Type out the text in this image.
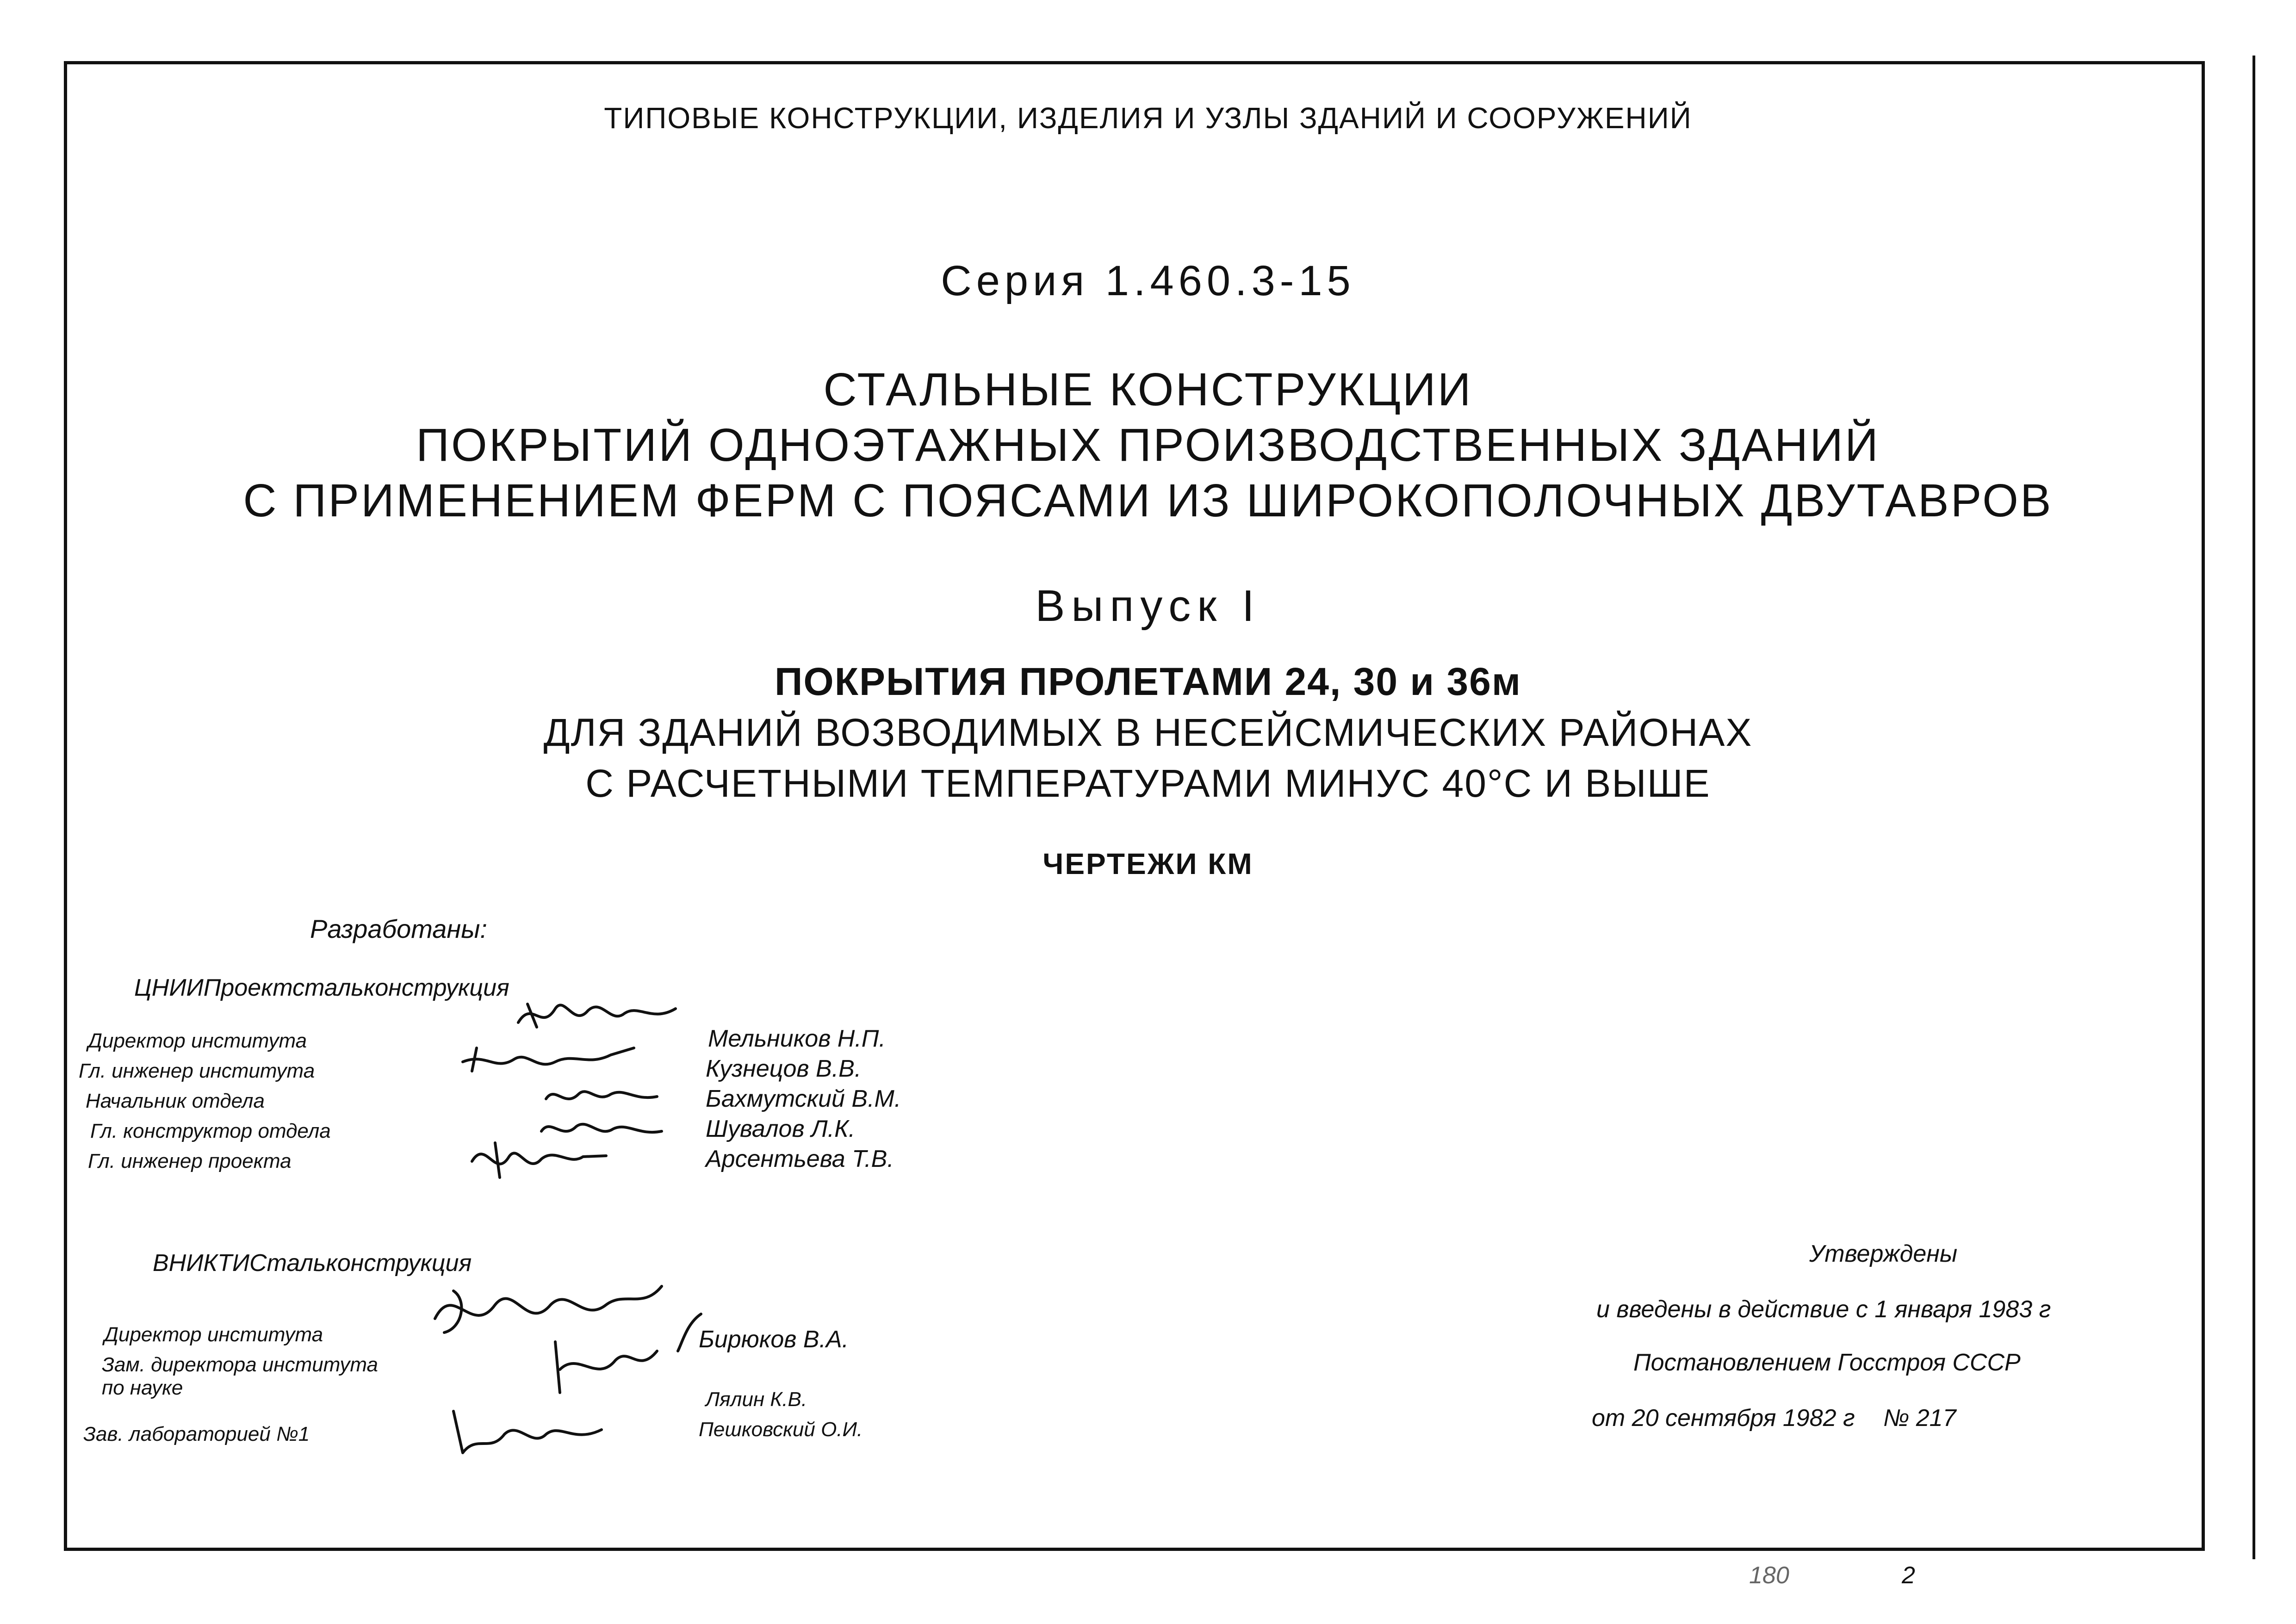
ТИПОВЫЕ КОНСТРУКЦИИ, ИЗДЕЛИЯ И УЗЛЫ ЗДАНИЙ И СООРУЖЕНИЙ
Серия 1.460.3-15
СТАЛЬНЫЕ КОНСТРУКЦИИ
ПОКРЫТИЙ ОДНОЭТАЖНЫХ ПРОИЗВОДСТВЕННЫХ ЗДАНИЙ
С ПРИМЕНЕНИЕМ ФЕРМ С ПОЯСАМИ ИЗ ШИРОКОПОЛОЧНЫХ ДВУТАВРОВ
Выпуск I
ПОКРЫТИЯ ПРОЛЕТАМИ 24, 30 и 36м
ДЛЯ ЗДАНИЙ ВОЗВОДИМЫХ В НЕСЕЙСМИЧЕСКИХ РАЙОНАХ
С РАСЧЕТНЫМИ ТЕМПЕРАТУРАМИ МИНУС 40°С И ВЫШЕ
ЧЕРТЕЖИ КМ
Разработаны:
ЦНИИПроектстальконструкция
Директор института
Гл. инженер института
Начальник отдела
Гл. конструктор отдела
Гл. инженер проекта
Мельников Н.П.
Кузнецов В.В.
Бахмутский В.М.
Шувалов Л.К.
Арсентьева Т.В.
ВНИКТИСтальконструкция
Директор института
Зам. директора института
по науке
Зав. лабораторией №1
Бирюков В.А.
Лялин К.В.
Пешковский О.И.
Утверждены
и введены в действие с 1 января 1983 г
Постановлением Госстроя СССР
от 20 сентября 1982 г № 217
180	2
